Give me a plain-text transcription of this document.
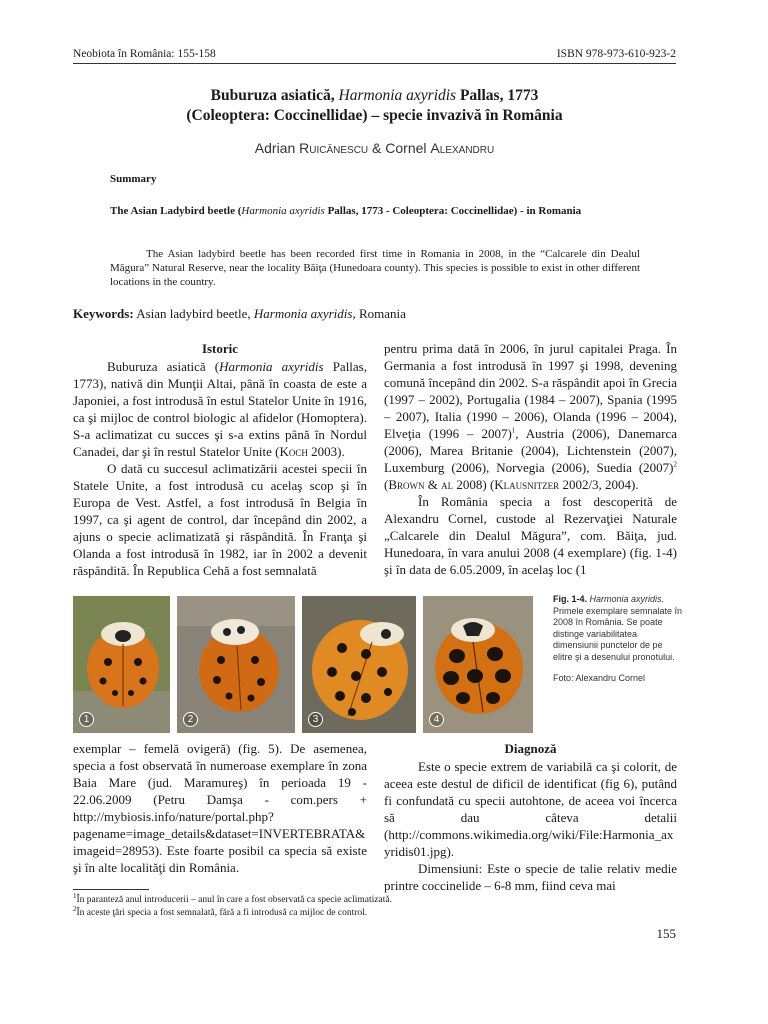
Neobiota în România: 155-158	ISBN 978-973-610-923-2
Buburuza asiatică, Harmonia axyridis Pallas, 1773
(Coleoptera: Coccinellidae) – specie invazivă în România
Adrian Ruicănescu & Cornel Alexandru
Summary
The Asian Ladybird beetle (Harmonia axyridis Pallas, 1773 - Coleoptera: Coccinellidae) - in Romania
The Asian ladybird beetle has been recorded first time in Romania in 2008, in the “Calcarele din Dealul Măgura” Natural Reserve, near the locality Băiţa (Hunedoara county). This species is possible to exist in other different locations in the country.
Keywords: Asian ladybird beetle, Harmonia axyridis, Romania
Istoric

Buburuza asiatică (Harmonia axyridis Pallas, 1773), nativă din Munţii Altai, până în coasta de este a Japoniei, a fost introdusă în estul Statelor Unite în 1916, ca şi mijloc de control biologic al afidelor (Homoptera). S-a aclimatizat cu succes şi s-a extins până în Nordul Canadei, dar şi în restul Statelor Unite (Koch 2003).

O dată cu succesul aclimatizării acestei specii în Statele Unite, a fost introdusă cu acelaş scop şi în Europa de Vest. Astfel, a fost introdusă în Belgia în 1997, ca şi agent de control, dar începând din 2002, a ajuns o specie aclimatizată şi răspândită. În Franţa şi Olanda a fost introdusă în 1982, iar în 2002 a devenit răspândită. În Republica Cehă a fost semnalată

pentru prima dată în 2006, în jurul capitalei Praga. În Germania a fost introdusă în 1997 şi 1998, devening comună începând din 2002. S-a răspândit apoi în Grecia (1997 – 2002), Portugalia (1984 – 2007), Spania (1995 – 2007), Italia (1990 – 2006), Olanda (1996 – 2004), Elveţia (1996 – 2007)$^1$, Austria (2006), Danemarca (2006), Marea Britanie (2004), Lichtenstein (2007), Luxemburg (2006), Norvegia (2006), Suedia $(2007)^2$ (Brown & al 2008) (Klausnitzer 2002/3, 2004).

În România specia a fost descoperită de Alexandru Cornel, custode al Rezervaţiei Naturale „Calcarele din Dealul Măgura”, com. Băiţa, jud. Hunedoara, în vara anului 2008 (4 exemplare) (fig. 1-4) şi în data de 6.05.2009, în acelaş loc (1

1	2	3	4
Fig. 1-4. Harmonia axyridis. Primele exemplare semnalate în 2008 în România. Se poate distinge variabilitatea dimensiunii punctelor de pe elitre şi a desenului pronotului.
Foto: Alexandru Cornel

exemplar – femelă ovigeră) (fig. 5). De asemenea, specia a fost observată în numeroase exemplare în zona Baia Mare (jud. Maramureş) în perioada 19 - 22.06.2009 (Petru Damşa - com.pers + http://mybiosis.info/nature/portal.php?pagename=image_details&dataset=INVERTEBRATA&imageid=28953). Este foarte posibil ca specia să existe şi în alte localităţi din România.

Diagnoză

Este o specie extrem de variabilă ca şi colorit, de aceea este destul de dificil de identificat (fig 6), putând fi confundată cu specii autohtone, de aceea voi încerca să dau câteva detalii (http://commons.wikimedia.org/wiki/File:Harmonia_axyridis01.jpg).

Dimensiuni: Este o specie de talie relativ medie printre coccinelide – 6-8 mm, fiind ceva mai

$^1$În paranteză anul introducerii – anul în care a fost observată ca specie aclimatizată.

$^2$În aceste ţări specia a fost semnalată, fără a fi introdusă ca mijloc de control.

155
